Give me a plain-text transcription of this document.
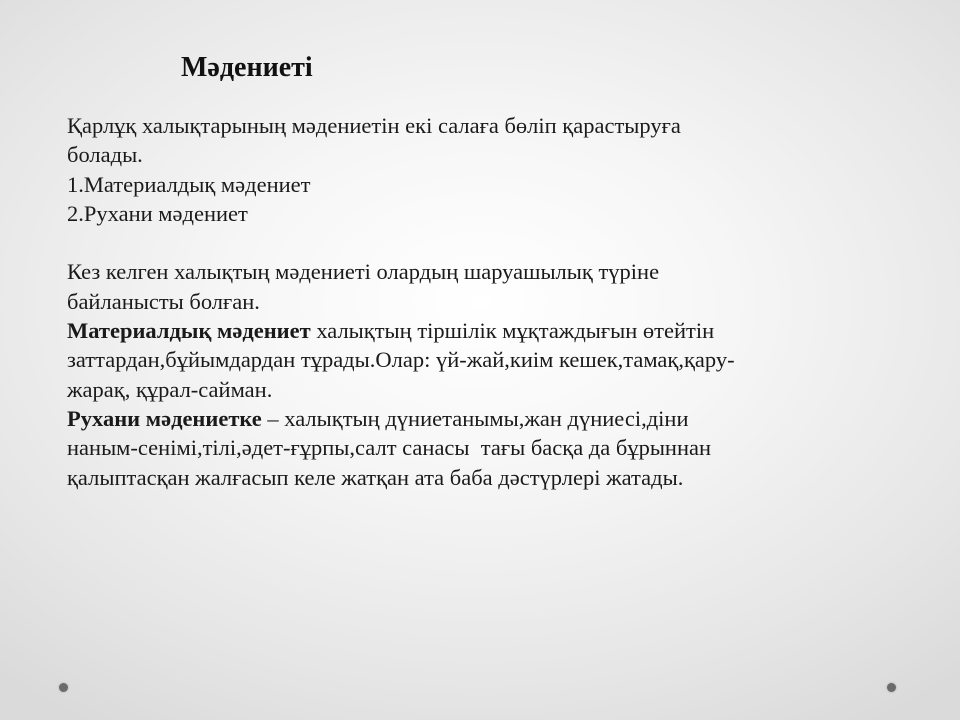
Мәдениеті
Қарлұқ халықтарының мәдениетін екі салаға бөліп қарастыруға
болады.
1.Материалдық мәдениет
2.Рухани мәдениет
Кез келген халықтың мәдениеті олардың шаруашылық түріне
байланысты болған.
Материалдық мәдениет халықтың тіршілік мұқтаждығын өтейтін
заттардан,бұйымдардан тұрады.Олар: үй-жай,киім кешек,тамақ,қару-
жарақ, құрал-сайман.
Рухани мәдениетке – халықтың дүниетанымы,жан дүниесі,діни
наным-сенімі,тілі,әдет-ғұрпы,салт санасы  тағы басқа да бұрыннан
қалыптасқан жалғасып келе жатқан ата баба дәстүрлері жатады.
